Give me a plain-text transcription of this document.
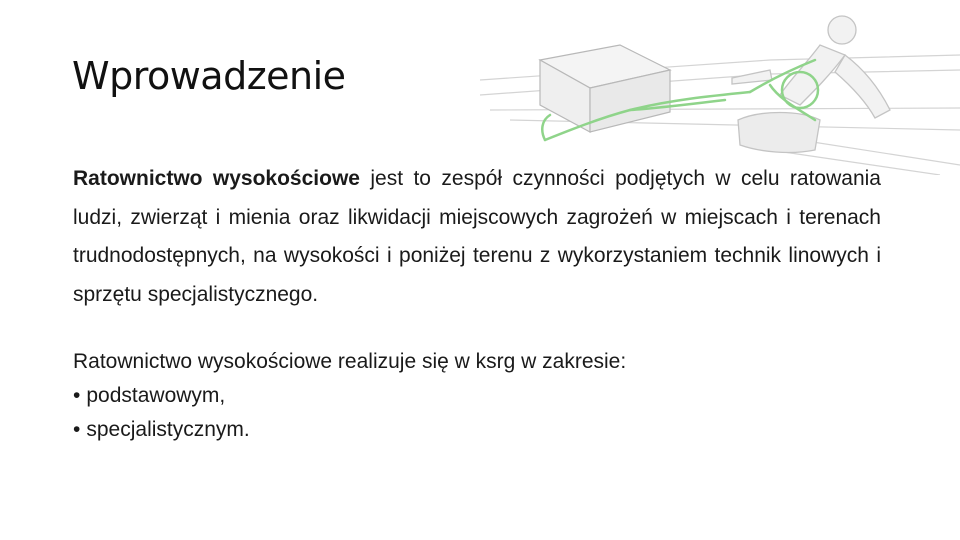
Wprowadzenie
Ratownictwo wysokościowe jest to zespół czynności podjętych w celu ratowania ludzi, zwierząt i mienia oraz likwidacji miejscowych zagrożeń w miejscach i terenach trudnodostępnych, na wysokości i poniżej terenu z wykorzystaniem technik linowych i sprzętu specjalistycznego.
Ratownictwo wysokościowe realizuje się w ksrg w zakresie:
• podstawowym,
• specjalistycznym.
